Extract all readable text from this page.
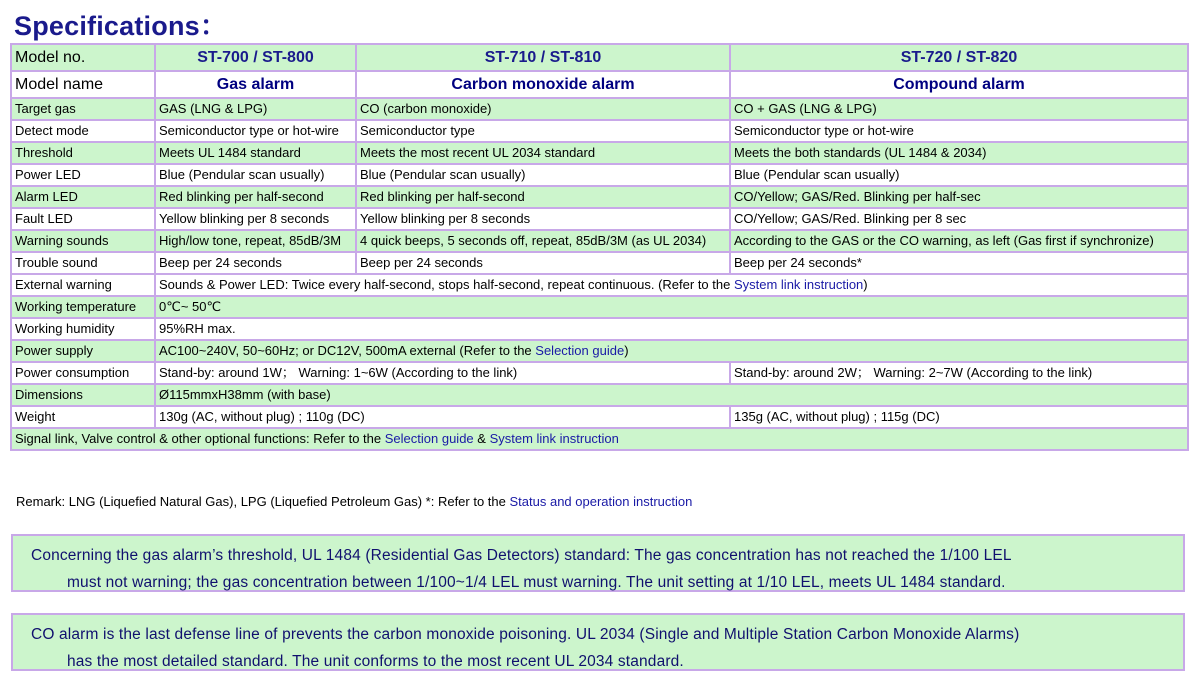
Specifications：
Model no.	ST-700 / ST-800	ST-710 / ST-810	ST-720 / ST-820
Model name	Gas alarm	Carbon monoxide alarm	Compound alarm
Target gas	GAS (LNG & LPG)	CO (carbon monoxide)	CO + GAS (LNG & LPG)
Detect mode	Semiconductor type or hot-wire	Semiconductor type	Semiconductor type or hot-wire
Threshold	Meets UL 1484 standard	Meets the most recent UL 2034 standard	Meets the both standards (UL 1484 & 2034)
Power LED	Blue (Pendular scan usually)	Blue (Pendular scan usually)	Blue (Pendular scan usually)
Alarm LED	Red blinking per half-second	Red blinking per half-second	CO/Yellow; GAS/Red. Blinking per half-sec
Fault LED	Yellow blinking per 8 seconds	Yellow blinking per 8 seconds	CO/Yellow; GAS/Red. Blinking per 8 sec
Warning sounds	High/low tone, repeat, 85dB/3M	4 quick beeps, 5 seconds off, repeat, 85dB/3M (as UL 2034)	According to the GAS or the CO warning, as left (Gas first if synchronize)
Trouble sound	Beep per 24 seconds	Beep per 24 seconds	Beep per 24 seconds*
External warning	Sounds & Power LED: Twice every half-second, stops half-second, repeat continuous. (Refer to the System link instruction)		
Working temperature	0℃~ 50℃		
Working humidity	95%RH max.		
Power supply	AC100~240V, 50~60Hz; or DC12V, 500mA external (Refer to the Selection guide)		
Power consumption	Stand-by: around 1W； Warning: 1~6W (According to the link)		Stand-by: around 2W； Warning: 2~7W (According to the link)
Dimensions	Ø115mmxH38mm (with base)		
Weight	130g (AC, without plug) ; 110g (DC)		135g (AC, without plug) ; 115g (DC)
Signal link, Valve control & other optional functions: Refer to the Selection guide & System link instruction			
Remark: LNG (Liquefied Natural Gas), LPG (Liquefied Petroleum Gas) *: Refer to the Status and operation instruction
Concerning the gas alarm’s threshold, UL 1484 (Residential Gas Detectors) standard: The gas concentration has not reached the 1/100 LEL
must not warning; the gas concentration between 1/100~1/4 LEL must warning. The unit setting at 1/10 LEL, meets UL 1484 standard.
CO alarm is the last defense line of prevents the carbon monoxide poisoning. UL 2034 (Single and Multiple Station Carbon Monoxide Alarms)
has the most detailed standard. The unit conforms to the most recent UL 2034 standard.
